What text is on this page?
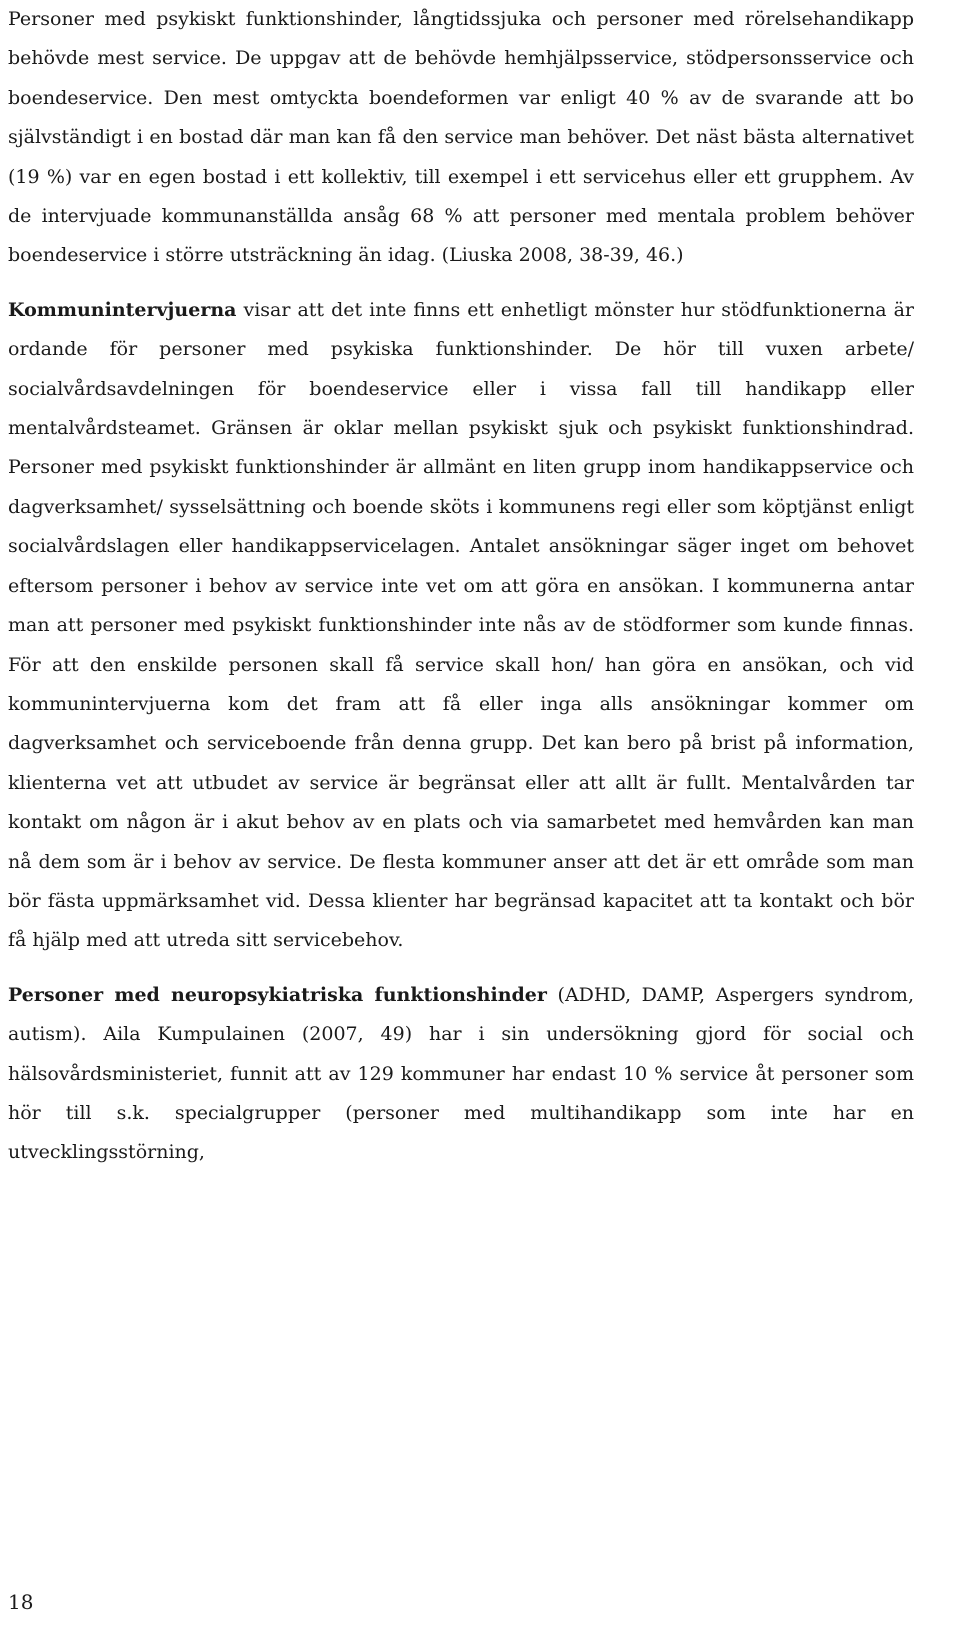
Personer med psykiskt funktionshinder, långtidssjuka och personer med rörelsehandikapp behövde mest service. De uppgav att de behövde hemhjälpsservice, stödpersonsservice och boendeservice. Den mest omtyckta boendeformen var enligt 40 % av de svarande att bo självständigt i en bostad där man kan få den service man behöver. Det näst bästa alternativet (19 %) var en egen bostad i ett kollektiv, till exempel i ett servicehus eller ett grupphem. Av de intervjuade kommunanställda ansåg 68 % att personer med mentala problem behöver boendeservice i större utsträckning än idag. (Liuska 2008, 38-39, 46.)

Kommunintervjuerna visar att det inte finns ett enhetligt mönster hur stödfunktionerna är ordande för personer med psykiska funktionshinder. De hör till vuxen arbete/ socialvårdsavdelningen för boendeservice eller i vissa fall till handikapp eller mentalvårdsteamet. Gränsen är oklar mellan psykiskt sjuk och psykiskt funktionshindrad. Personer med psykiskt funktionshinder är allmänt en liten grupp inom handikappservice och dagverksamhet/ sysselsättning och boende sköts i kommunens regi eller som köptjänst enligt socialvårdslagen eller handikappservicelagen. Antalet ansökningar säger inget om behovet eftersom personer i behov av service inte vet om att göra en ansökan. I kommunerna antar man att personer med psykiskt funktionshinder inte nås av de stödformer som kunde finnas. För att den enskilde personen skall få service skall hon/ han göra en ansökan, och vid kommunintervjuerna kom det fram att få eller inga alls ansökningar kommer om dagverksamhet och serviceboende från denna grupp. Det kan bero på brist på information, klienterna vet att utbudet av service är begränsat eller att allt är fullt. Mentalvården tar kontakt om någon är i akut behov av en plats och via samarbetet med hemvården kan man nå dem som är i behov av service. De flesta kommuner anser att det är ett område som man bör fästa uppmärksamhet vid. Dessa klienter har begränsad kapacitet att ta kontakt och bör få hjälp med att utreda sitt servicebehov.

Personer med neuropsykiatriska funktionshinder (ADHD, DAMP, Aspergers syndrom, autism). Aila Kumpulainen (2007, 49) har i sin undersökning gjord för social och hälsovårdsministeriet, funnit att av 129 kommuner har endast 10 % service åt personer som hör till s.k. specialgrupper (personer med multihandikapp som inte har en utvecklingsstörning,

18
